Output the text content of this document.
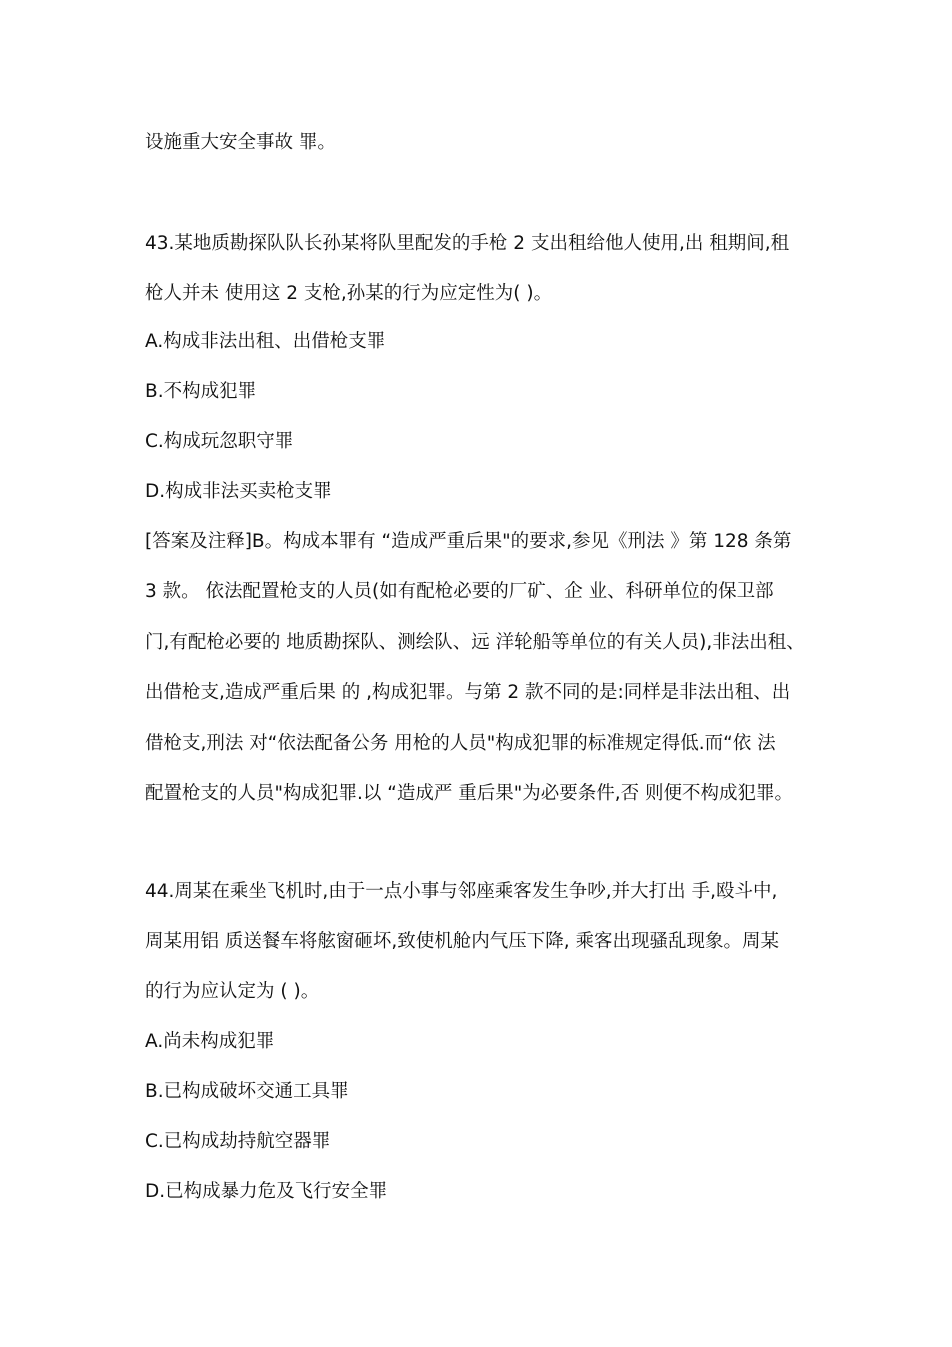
设施重大安全事故 罪。
43.某地质勘探队队长孙某将队里配发的手枪 2 支出租给他人使用,出 租期间,租
枪人并未 使用这 2 支枪,孙某的行为应定性为( )。
A.构成非法出租、出借枪支罪
B.不构成犯罪
C.构成玩忽职守罪
D.构成非法买卖枪支罪
[答案及注释]B。构成本罪有 “造成严重后果"的要求,参见《刑法 》第 128 条第
3 款。 依法配置枪支的人员(如有配枪必要的厂矿、企 业、科研单位的保卫部
门,有配枪必要的 地质勘探队、测绘队、远 洋轮船等单位的有关人员),非法出租、
出借枪支,造成严重后果 的 ,构成犯罪。与第 2 款不同的是:同样是非法出租、出
借枪支,刑法 对“依法配备公务 用枪的人员"构成犯罪的标准规定得低.而“依 法
配置枪支的人员"构成犯罪.以 “造成严 重后果"为必要条件,否 则便不构成犯罪。
44.周某在乘坐飞机时,由于一点小事与邻座乘客发生争吵,并大打出 手,殴斗中,
周某用铝 质送餐车将舷窗砸坏,致使机舱内气压下降, 乘客出现骚乱现象。周某
的行为应认定为 ( )。
A.尚未构成犯罪
B.已构成破坏交通工具罪
C.已构成劫持航空器罪
D.已构成暴力危及飞行安全罪
